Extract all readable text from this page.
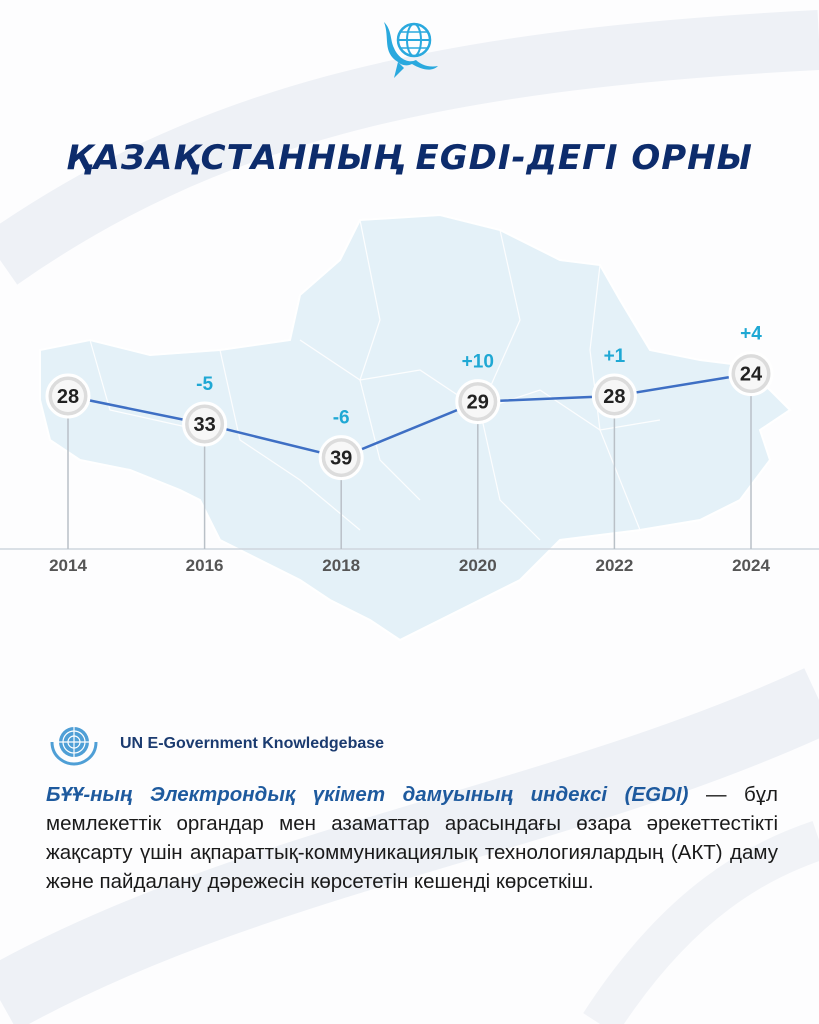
ҚАЗАҚСТАННЫҢ EGDI-ДЕГІ ОРНЫ
28
33
39
29	28
24
-5
-6
+10	+1
+4
2014	2016	2018	2020	2022	2024
UN E-Government Knowledgebase

БҰҰ-ның Электрондық үкімет дамуының индексі (EGDI) — бұл мемлекеттік органдар мен азаматтар арасындағы өзара әрекеттестікті жақсарту үшін ақпараттық-коммуникациялық технологиялардың (АКТ) даму және пайдалану дәрежесін көрсететін кешенді көрсеткіш.
